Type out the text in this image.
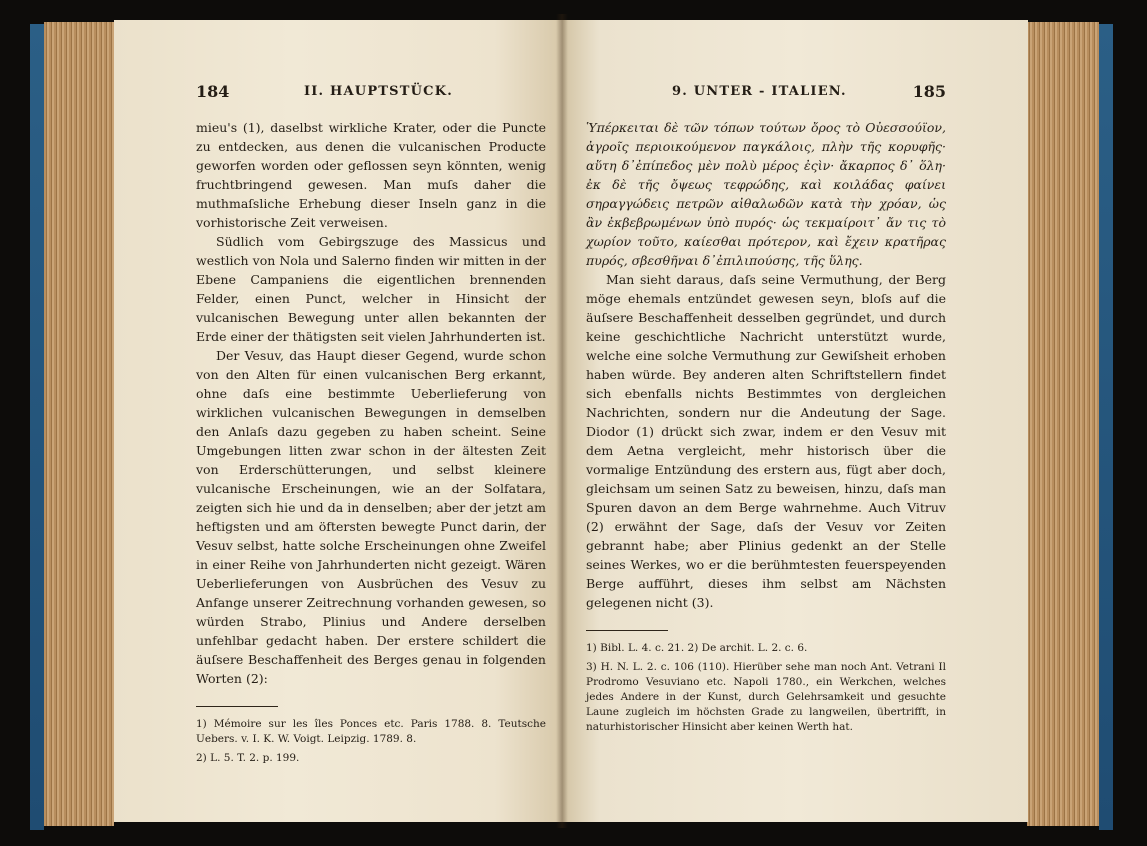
184	II. HAUPTSTÜCK.

mieu's (1), daselbst wirkliche Krater, oder die Puncte zu entdecken, aus denen die vulcanischen Producte geworfen worden oder geflossen seyn könnten, wenig fruchtbringend gewesen. Man muſs daher die muthmaſsliche Erhebung dieser Inseln ganz in die vorhistorische Zeit verweisen.

Südlich vom Gebirgszuge des Massicus und westlich von Nola und Salerno finden wir mitten in der Ebene Campaniens die eigentlichen brennenden Felder, einen Punct, welcher in Hinsicht der vulcanischen Bewegung unter allen bekannten der Erde einer der thätigsten seit vielen Jahrhunderten ist.

Der Vesuv, das Haupt dieser Gegend, wurde schon von den Alten für einen vulcanischen Berg erkannt, ohne daſs eine bestimmte Ueberlieferung von wirklichen vulcanischen Bewegungen in demselben den Anlaſs dazu gegeben zu haben scheint. Seine Umgebungen litten zwar schon in der ältesten Zeit von Erderschütterungen, und selbst kleinere vulcanische Erscheinungen, wie an der Solfatara, zeigten sich hie und da in denselben; aber der jetzt am heftigsten und am öftersten bewegte Punct darin, der Vesuv selbst, hatte solche Erscheinungen ohne Zweifel in einer Reihe von Jahrhunderten nicht gezeigt. Wären Ueberlieferungen von Ausbrüchen des Vesuv zu Anfange unserer Zeitrechnung vorhanden gewesen, so würden Strabo, Plinius und Andere derselben unfehlbar gedacht haben. Der erstere schildert die äuſsere Beschaffenheit des Berges genau in folgenden Worten (2):

1) Mémoire sur les îles Ponces etc. Paris 1788. 8. Teutsche Uebers. v. I. K. W. Voigt. Leipzig. 1789. 8.

2) L. 5. T. 2. p. 199.

9. UNTER - ITALIEN.	185

Ὑπέρκειται δὲ τῶν τόπων τούτων ὄρος τὸ Οὐεσσούϊον, ἀγροῖς περιοικούμενον παγκάλοις, πλὴν τῆς κορυφῆς· αὕτη δ᾽ἐπίπεδος μὲν πολὺ μέρος ἐςὶν· ἄκαρπος δ᾽ ὅλη· ἐκ δὲ τῆς ὄψεως τεφρώδης, καὶ κοιλάδας φαίνει σηραγγώδεις πετρῶν αἰθαλωδῶν κατὰ τὴν χρόαν, ὡς ἂν ἐκβεβρωμένων ὑπὸ πυρός· ὡς τεκμαίροιτ᾽ ἄν τις τὸ χωρίον τοῦτο, καίεσθαι πρότερον, καὶ ἔχειν κρατῆρας πυρός, σβεσθῆναι δ᾽ἐπιλιπούσης, τῆς ὕλης.

Man sieht daraus, daſs seine Vermuthung, der Berg möge ehemals entzündet gewesen seyn, bloſs auf die äuſsere Beschaffenheit desselben gegründet, und durch keine geschichtliche Nachricht unterstützt wurde, welche eine solche Vermuthung zur Gewiſsheit erhoben haben würde. Bey anderen alten Schriftstellern findet sich ebenfalls nichts Bestimmtes von dergleichen Nachrichten, sondern nur die Andeutung der Sage. Diodor (1) drückt sich zwar, indem er den Vesuv mit dem Aetna vergleicht, mehr historisch über die vormalige Entzündung des erstern aus, fügt aber doch, gleichsam um seinen Satz zu beweisen, hinzu, daſs man Spuren davon an dem Berge wahrnehme. Auch Vitruv (2) erwähnt der Sage, daſs der Vesuv vor Zeiten gebrannt habe; aber Plinius gedenkt an der Stelle seines Werkes, wo er die berühmtesten feuerspeyenden Berge aufführt, dieses ihm selbst am Nächsten gelegenen nicht (3).

1) Bibl. L. 4. c. 21. 2) De archit. L. 2. c. 6.

3) H. N. L. 2. c. 106 (110). Hierüber sehe man noch Ant. Vetrani Il Prodromo Vesuviano etc. Napoli 1780., ein Werkchen, welches jedes Andere in der Kunst, durch Gelehrsamkeit und gesuchte Laune zugleich im höchsten Grade zu langweilen, übertrifft, in naturhistorischer Hinsicht aber keinen Werth hat.
